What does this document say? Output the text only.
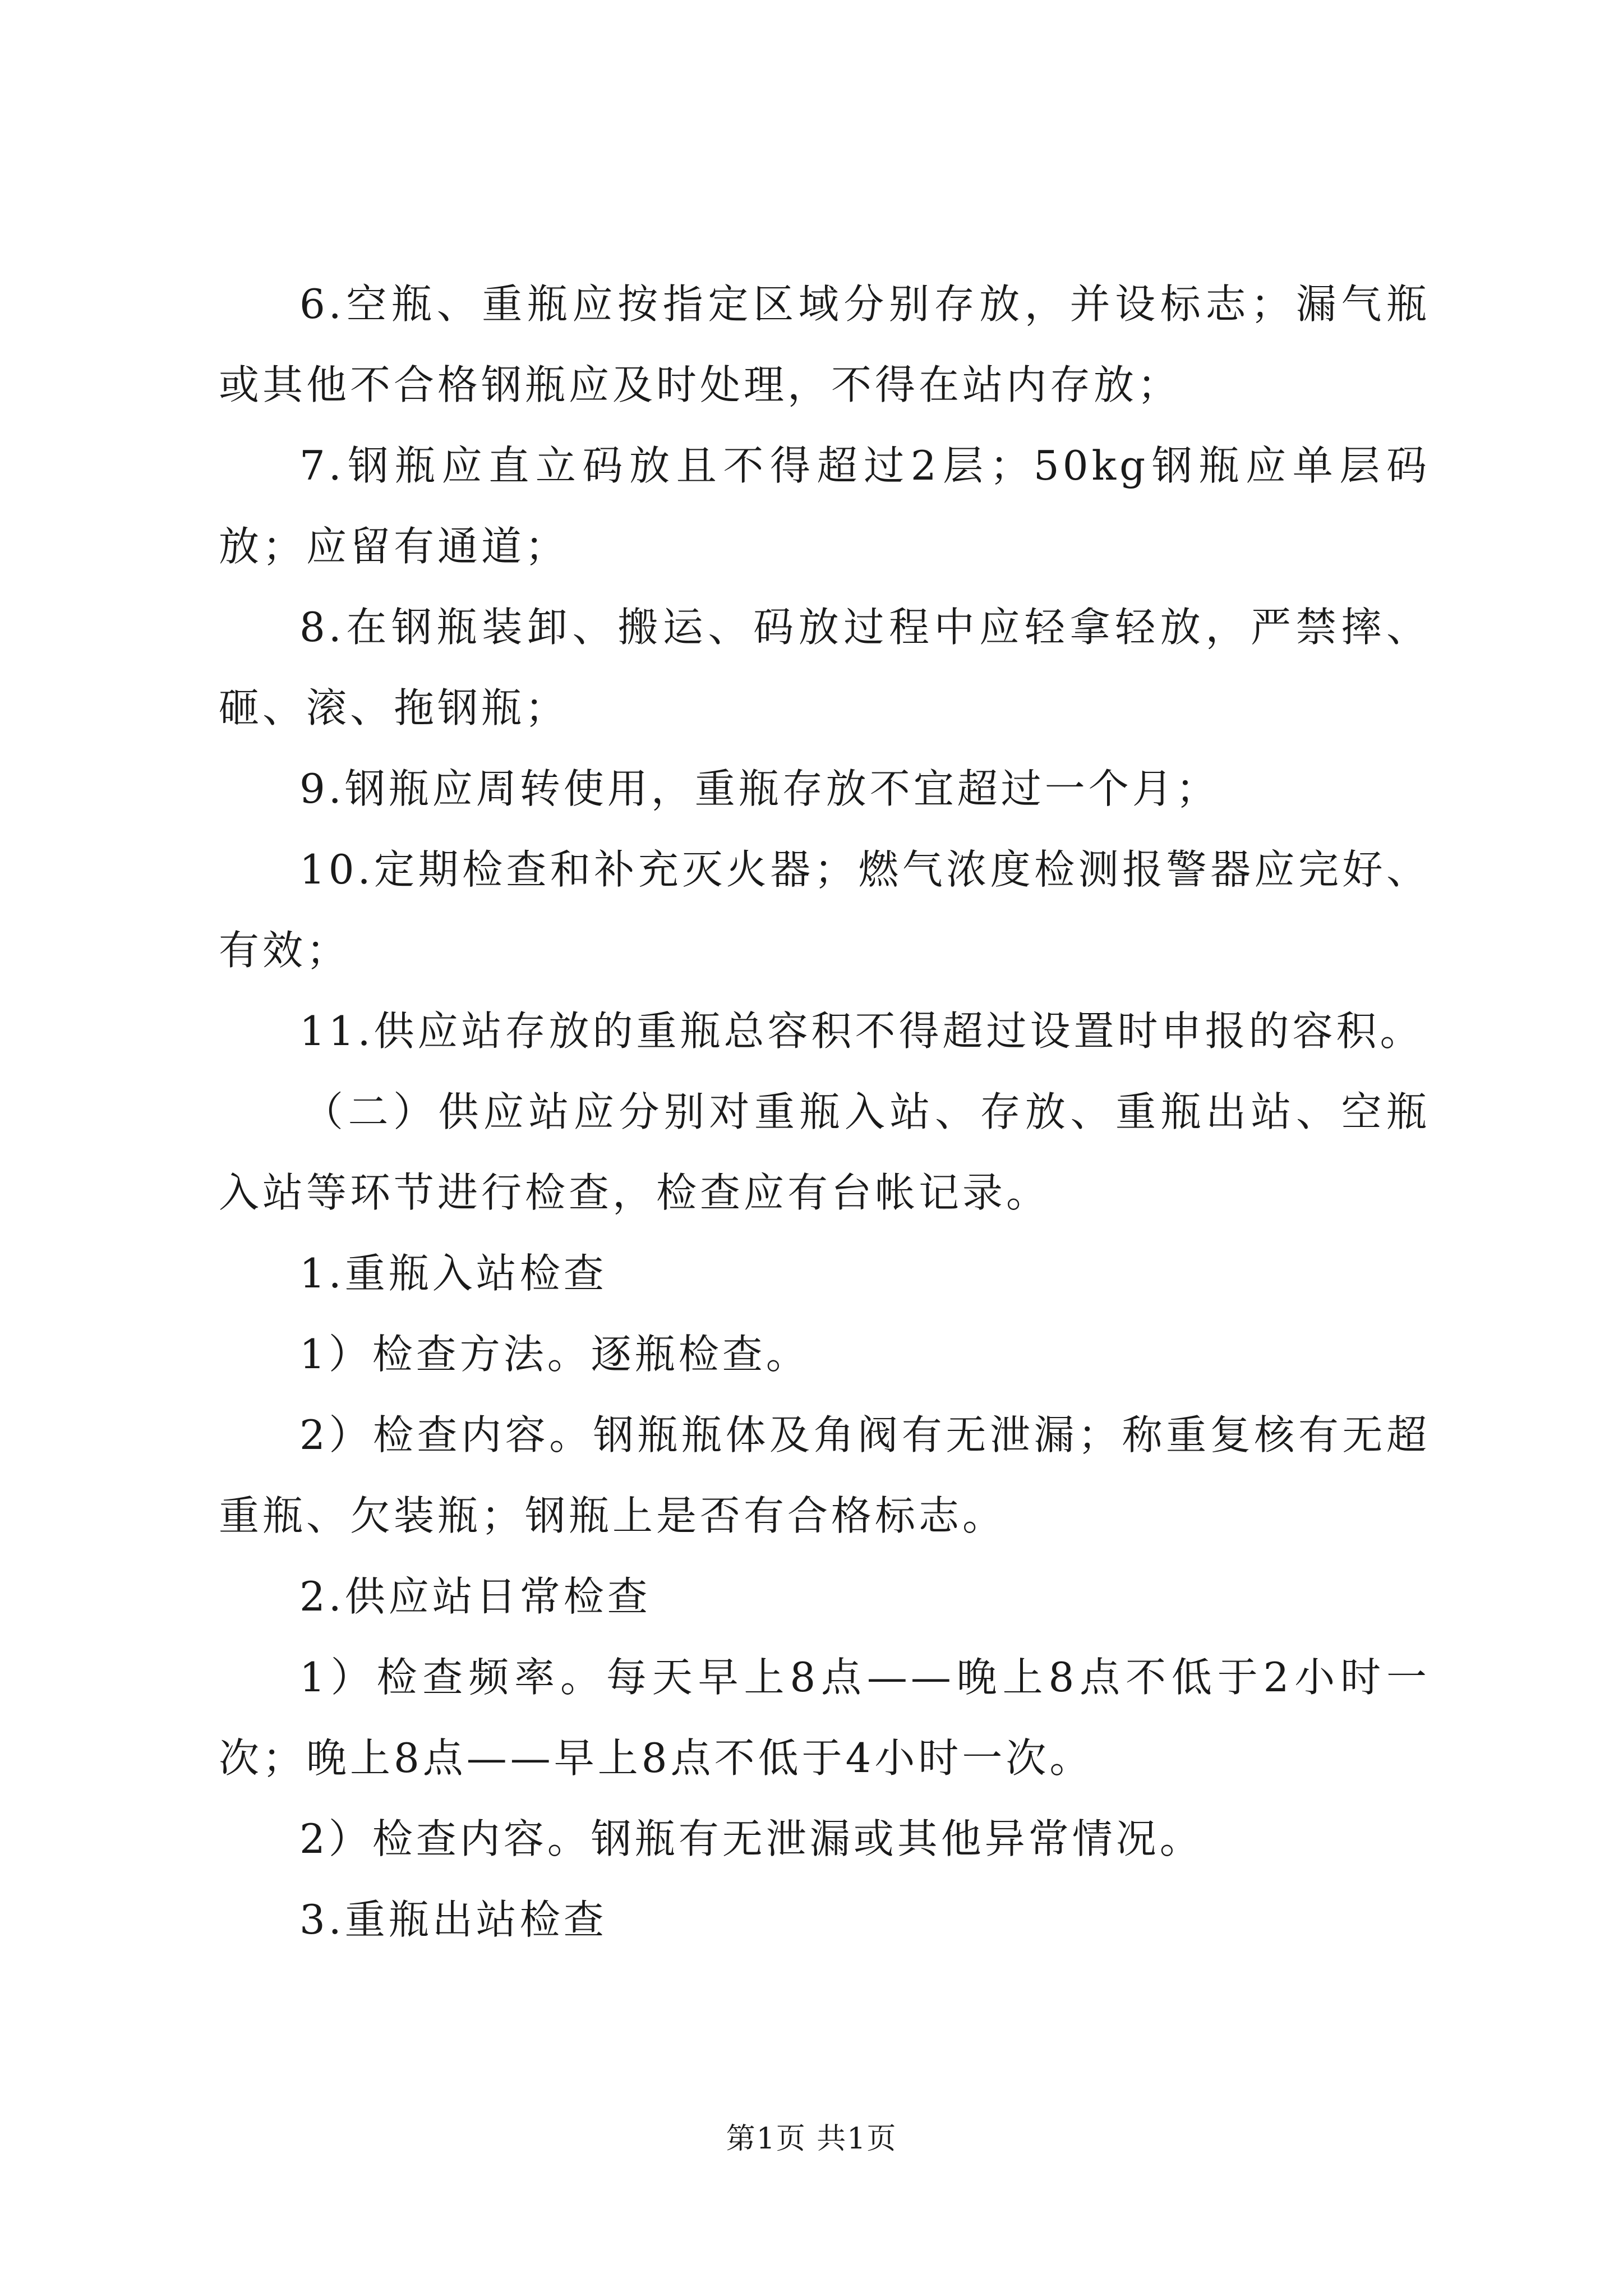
6.空瓶、重瓶应按指定区域分别存放，并设标志；漏气瓶或其他不合格钢瓶应及时处理，不得在站内存放；

7.钢瓶应直立码放且不得超过2层；50kg钢瓶应单层码放；应留有通道；

8.在钢瓶装卸、搬运、码放过程中应轻拿轻放，严禁摔、砸、滚、拖钢瓶；

9.钢瓶应周转使用，重瓶存放不宜超过一个月；

10.定期检查和补充灭火器；燃气浓度检测报警器应完好、有效；

11.供应站存放的重瓶总容积不得超过设置时申报的容积。

（二）供应站应分别对重瓶入站、存放、重瓶出站、空瓶入站等环节进行检查，检查应有台帐记录。

1.重瓶入站检查

1）检查方法。逐瓶检查。

2）检查内容。钢瓶瓶体及角阀有无泄漏；称重复核有无超重瓶、欠装瓶；钢瓶上是否有合格标志。

2.供应站日常检查

1）检查频率。每天早上8点——晚上8点不低于2小时一次；晚上8点——早上8点不低于4小时一次。

2）检查内容。钢瓶有无泄漏或其他异常情况。

3.重瓶出站检查

第1页 共1页
